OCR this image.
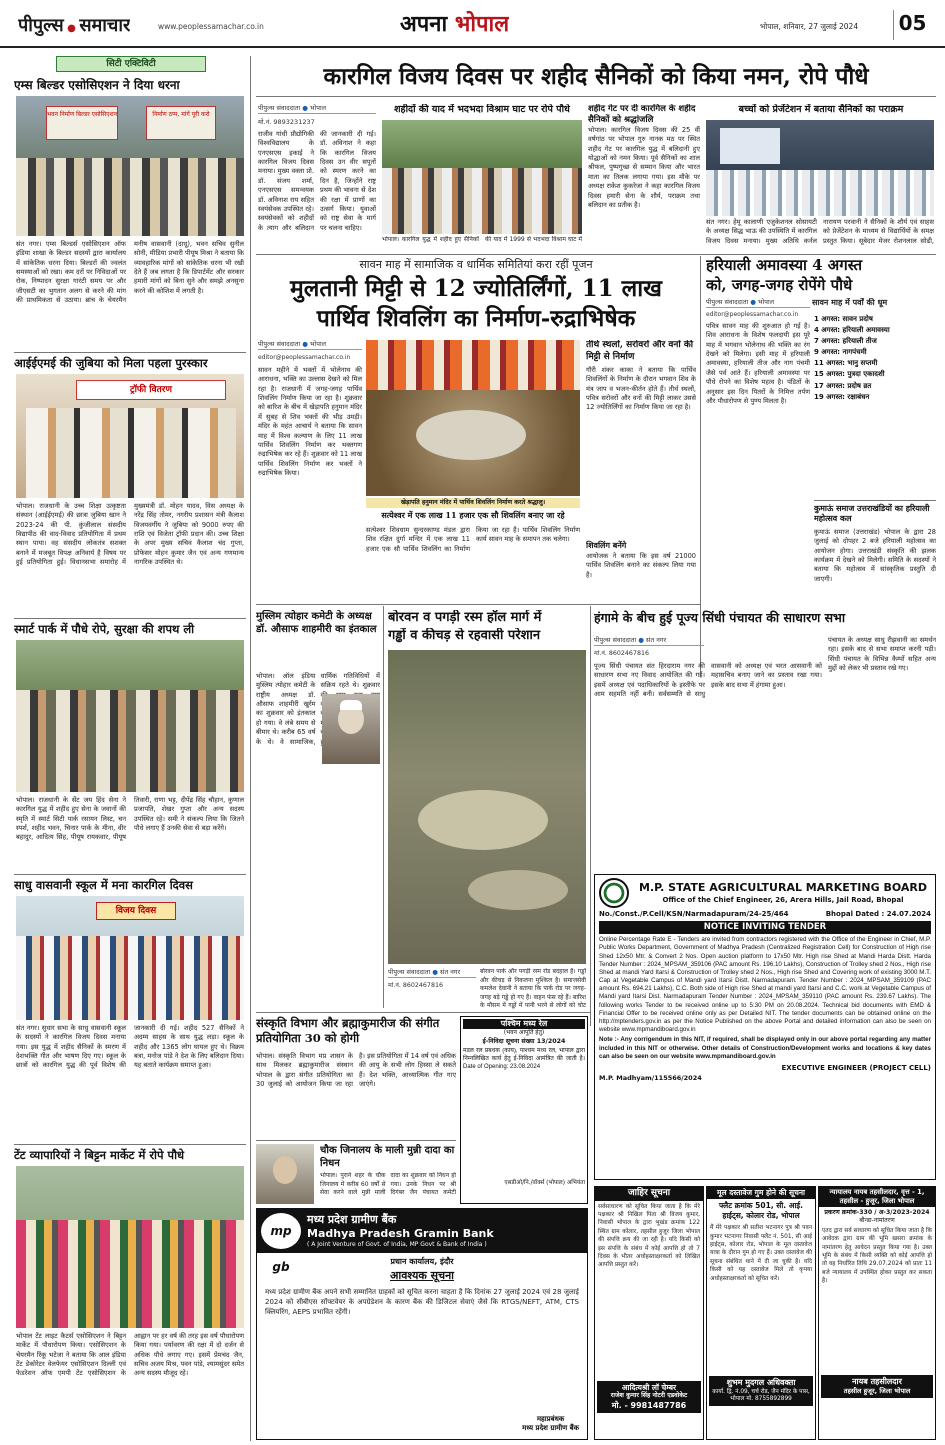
पीपुल्स ● समाचार	www.peoplessamachar.co.in	अपना भोपाल	भोपाल, शनिवार, 27 जुलाई 2024 05
सिटी एक्टिविटी
एम्स बिल्डर एसोसिएशन ने दिया धरना
भवन निर्माण बिल्डर एसोसिएशन	निर्माण ठप्प, मांगें पूरी करो
संत नगर। एम्स बिल्डर्स एसोसिएशन ऑफ इंडिया शाखा के बिल्डर सदस्यों द्वारा कार्यालय में सांकेतिक धरना दिया। बिल्डरों की ज्वलंत समस्याओं को रखा। कम दरों पर निविदाओं पर रोक, निष्पादन सुरक्षा गारंटी समय पर और जीएसटी का भुगतान अलग से करने की मांग की प्राथमिकता से उठाया। ब्रांच के चेयरमैन मनीष वासवानी (दाधू), भवन सचिव सुनील सोनी, मीडिया प्रभारी पीयूष मिश्रा ने बताया कि व्यावहारिक मांगों को सांकेतिक धरना भी रखी देते हैं जब लगता है कि डिपार्टमेंट और सरकार हमारी मांगों को बिना सुने और समझे अनसुना करने की कोशिश में लगती है।
आईईएमई की जुबिया को मिला पहला पुरस्कार
ट्रॉफी वितरण
भोपाल। राजधानी के उच्च शिक्षा उत्कृष्टता संस्थान (आईईएमई) की छात्रा जुबिया खान ने 2023-24 की पी. कुंजीलाल संसदीय विद्यापीठ की वाद-विवाद प्रतियोगिता में प्रथम स्थान पाया। वह संसदीय लोकतंत्र सशक्त बनाने में मजबूत विपक्ष अनिवार्य है विषय पर हुई प्रतियोगिता हुई। विधानसभा समारोह में मुख्यमंत्री डॉ. मोहन यादव, विस अध्यक्ष के नरेंद्र सिंह तोमर, नगरीय प्रशासन मंत्री कैलाश विजयवर्गीय ने जुबिया को 9000 रुपए की राशि एवं विजेता ट्रॉफी प्रदान की। उच्च शिक्षा के अपर मुख्य सचिव कैलाश चंद गुप्ता, प्रोफेसर मोहन कुमार जैन एवं अन्य गणमान्य नागरिक उपस्थित थे।
स्मार्ट पार्क में पौधे रोपे, सुरक्षा की शपथ ली
भोपाल। राजधानी के सेंट जय हिंद सेना ने कारगिल युद्ध में शहीद हुए सेना के जवानों की स्मृति में स्मार्ट सिटी पार्क रसायन लिस्ट, चन स्पर्श, शहीद भवन, चिनार पार्क के मीना, वीर बहादुर, आदित्य सिंह, पीयूष रायकवार, पीयूष तिवारी, राणा भट्ट, दीपेंद्र सिंह चौहान, कुणाल प्रजापति, शेखर गुप्ता और अन्य सदस्य उपस्थित रहे। समी ने संकल्प लिया कि जितने पौधे लगाए हैं उनकी सेवा से बड़ा करेंगे।
साधु वासवानी स्कूल में मना कारगिल दिवस
विजय दिवस
संत नगर। सुधार सभा के साधु वासवानी स्कूल के सदस्यों ने कारगिल विजय दिवस मनाया गया। इस युद्ध में शहीद सैनिकों के स्मरण में देशभक्ति गीत और भाषण दिए गए। स्कूल के छात्रों को कारगिल युद्ध की पूर्व विशेष की जानकारी दी गई। शहीद 527 सैनिकों ने अदम्य साहस के साथ युद्ध लड़ा। स्कूल के शहीद और 1365 लोग घायल हुए थे। विक्रम बत्रा, मनोज पांडे ने देश के लिए बलिदान दिया। यह बताते कार्यक्रम समाप्त हुआ।
टेंट व्यापारियों ने बिट्टन मार्केट में रोपे पौधे
भोपाल टेंट लाइट कैटर्स एसोसिएशन ने बिट्टन मार्केट में पौधारोपण किया। एसोसिएशन के चेयरमैन रिंकू भटेजा ने बताया कि आल इंडिया टेंट डेकोरेटर वेलफेयर एसोसिएशन दिल्ली एवं फेडरेशन ऑफ एमपी टेंट एसोसिएशन के आह्वान पर हर वर्ष की तरह इस वर्ष पौधारोपण किया गया। पर्यावरण की रक्षा में दो दर्जन से अधिक पौधे लगाए गए। इसमें प्रेमचंद जैन, सचिव अजय मिश्र, पवन पांडे, श्यामसुंदर समेत अन्य सदस्य मौजूद रहे।
कारगिल विजय दिवस पर शहीद सैनिकों को किया नमन, रोपे पौधे
पीपुल्स संवाददाता ● भोपाल
मो.नं. 9893231237
राजीव गांधी प्रौद्योगिकी विश्वविद्यालय के एनएसएस इकाई ने कारगिल विजय दिवस मनाया। मुख्य वक्ता प्रो. डॉ. संजय शर्मा, एनएसएस समन्वयक डॉ. अविनाश राय सहित स्वयंसेवक उपस्थित रहे। स्वयंसेवकों को शहीदों के त्याग और बलिदान की जानकारी दी गई। डॉ. अविनाश ने कहा कि कारगिल विजय दिवस उन वीर सपूतों को स्मरण करने का दिन है, जिन्होंने राष्ट्र प्रथम की भावना से देश की रक्षा में प्राणों का उत्सर्ग किया। युवाओं को राष्ट्र सेवा के मार्ग पर चलना चाहिए।
शहीदों की याद में भदभदा विश्राम घाट पर रोपे पौधे
भोपाल। कारगिल युद्ध में शहीद हुए सैनिकों की याद में 1999 से भदभदा विश्राम घाट में
शहीद गेट पर दी कारगिल के शहीद सैनिकों को श्रद्धांजलि
भोपाल। कारगिल विजय दिवस की 25 वीं वर्षगांठ पर भोपाल गुरु नानक मठ पर स्थित शहीद गेट पर कारगिल युद्ध में बलिदानी हुए योद्धाओं को नमन किया। पूर्व सैनिकों का शाल श्रीफल, पुष्पगुच्छ से सम्मान किया और भारत माता का तिलक लगाया गया। इस मौके पर अध्यक्ष राकेश कुकरेजा ने कहा कारगिल विजय दिवस हमारी सेना के शौर्य, पराक्रम तथा बलिदान का प्रतीक है।
बच्चों को प्रेजेंटेशन में बताया सैनिकों का पराक्रम
संत नगर। हेमू कालाणी एजुकेशनल सोसायटी के अध्यक्ष सिद्ध भाऊ की उपस्थिति में कारगिल विजय दिवस मनाया। मुख्य अतिथि कर्नल नारायण परवानी ने सैनिकों के शौर्य एवं साहस को प्रेजेंटेशन के माध्यम से विद्यार्थियों के समक्ष प्रस्तुत किया। सूबेदार मेजर रोशनलाल सोढी,
सावन माह में सामाजिक व धार्मिक समितियां करा रहीं पूजन
मुलतानी मिट्टी से 12 ज्योतिर्लिंगों, 11 लाख
पार्थिव शिवलिंग का निर्माण-रुद्राभिषेक
पीपुल्स संवाददाता ● भोपाल
editor@peoplessamachar.co.in
सावन महीने में भक्तों में भोलेनाथ की आराधना, भक्ति का उल्लास देखने को मिल रहा है। राजधानी में जगह-जगह पार्थिव शिवलिंग निर्माण किया जा रहा है। शुक्रवार को बारिश के बीच में खेड़ापति हनुमान मंदिर में सुबह से शिव भक्तों की भीड़ उमड़ी। मंदिर के महंत आचार्य ने बताया कि सावन माह में विश्व कल्याण के लिए 11 लाख पार्थिव शिवलिंग निर्माण कर भक्तगण रुद्राभिषेक कर रहे हैं। शुक्रवार को 11 लाख पार्थिव शिवलिंग निर्माण कर भक्तों ने रुद्राभिषेक किया।
खेड़ापति हनुमान मंदिर में पार्थिव शिवलिंग निर्माण करते श्रद्धालु।
सत्येश्वर में एक लाख 11 हजार एक सौ शिवलिंग बनाए जा रहे
सत्येश्वर शिवधाम सुन्दरकाण्ड मंडल द्वारा शिव रक्षित दुर्गा मन्दिर में एक लाख 11 हजार एक सौ पार्थिव शिवलिंग का निर्माण किया जा रहा है। पार्थिव शिवलिंग निर्माण कार्य सावन माह के समापन तक चलेगा।
तीर्थ स्थलों, सरोवरों और वनों की मिट्टी से निर्माण
गौरी शंकर काका ने बताया कि पार्थिव शिवलिंगों के निर्माण के दौरान भगवान शिव के मंत्र जाप व भजन-कीर्तन होते हैं। तीर्थ स्थलों, पवित्र सरोवरों और वनों की मिट्टी लाकर उससे 12 ज्योतिर्लिंगों का निर्माण किया जा रहा है।
शिवलिंग बनेंगे
आयोजक ने बताया कि इस वर्ष 21000 पार्थिव शिवलिंग बनाने का संकल्प लिया गया है।
हरियाली अमावस्या 4 अगस्त
को, जगह-जगह रोपेंगे पौधे
सावन माह में पर्वों की धूम
पीपुल्स संवाददाता ● भोपाल
editor@peoplessamachar.co.in
पवित्र सावन माह की शुरुआत हो गई है। शिव आराधना के विशेष फलदायी इस पूरे माह में भगवान भोलेनाथ की भक्ति का रंग देखने को मिलेगा। इसी माह में हरियाली अमावस्या, हरियाली तीज और नाग पंचमी जैसे पर्व आते हैं। हरियाली अमावस्या पर पौधे रोपने का विशेष महत्व है। पंडितों के अनुसार इस दिन पितरों के निमित्त तर्पण और पौधारोपण से पुण्य मिलता है।
1 अगस्त: सावन प्रदोष
4 अगस्त: हरियाली अमावस्या
7 अगस्त: हरियाली तीज
9 अगस्त: नागपंचमी
11 अगस्त: भानु सप्तमी
15 अगस्त: पुत्रदा एकादशी
17 अगस्त: प्रदोष व्रत
19 अगस्त: रक्षाबंधन
कुमाऊं समाज उत्तराखंडियों का हरियाली महोत्सव कल
कुमाऊं समाज (उत्तराखंड) भोपाल के द्वारा 28 जुलाई को दोपहर 2 बजे हरियाली महोत्सव का आयोजन होगा। उत्तराखंडी संस्कृति की झलक कार्यक्रम में देखने को मिलेगी। समिति के सदस्यों ने बताया कि महोत्सव में सांस्कृतिक प्रस्तुति दी जाएगी।
मुस्लिम त्योहार कमेटी के अध्यक्ष डॉ. औसाफ शाहमीरी का इंतकाल
भोपाल। ऑल इंडिया मुस्लिम त्योहार कमेटी के राष्ट्रीय अध्यक्ष डॉ. औसाफ शाहमीरी खुर्रम का शुक्रवार को इंतकाल हो गया। वे लंबे समय से बीमार थे। करीब 65 वर्ष के थे। वे सामाजिक, धार्मिक गतिविधियों में सक्रिय रहते थे। शुक्रवार
बोरवन व पगड़ी रस्म हॉल मार्ग में
गड्ढों व कीचड़ से रहवासी परेशान
पीपुल्स संवाददाता ● संत नगर
मो.नं. 8602467816
बोरवन पार्क और पगड़ी रस्म रोड बदहाल है। गड्ढों और कीचड़ से निकलना मुश्किल है। समाजसेवी कमलेश देवानी ने बताया कि पार्क रोड पर जगह-जगह बड़े गड्ढे हो गए हैं। वाहन फंस रहे हैं। बारिश के मौसम में गड्ढों में पानी भरने से लोगों को चोट
हंगामे के बीच हुई पूज्य सिंधी पंचायत की साधारण सभा
पीपुल्स संवाददाता ● संत नगर
मो.नं. 8602467816
पूज्य सिंधी पंचायत संत हिरदाराम नगर की साधारण सभा नए विवाद आयोजित की गई। इसमें अध्यक्ष एवं पदाधिकारियों के इस्तीफे पर आम सहमति नहीं बनी। सर्वसम्मति से साधु वासवानी को अध्यक्ष एवं भरत आसवानी को महासचिव बनाए जाने का प्रस्ताव रखा गया। इसके बाद सभा में हंगामा हुआ।
पंचायत के अध्यक्ष साधु रीझवानी का समर्थन रहा। इसके बाद से सभा समाप्त करनी पड़ी। सिंधी पंचायत के विभिन्न कैम्पों सहित अन्य मुद्दों को लेकर भी प्रस्ताव रखे गए।
M.P. STATE AGRICULTURAL MARKETING BOARD
Office of the Chief Engineer, 26, Arera Hills, Jail Road, Bhopal
No./Const./P.Cell/KSN/Narmadapuram/24-25/464	Bhopal Dated : 24.07.2024
NOTICE INVITING TENDER
Online Percentage Rate E - Tenders are invited from contractors registered with the Office of the Engineer in Chief, M.P. Public Works Department, Government of Madhya Pradesh (Centralized Registration Cell) for Construction of High rise Shed 12x50 Mtr. & Convert 2 Nos. Open auction platform to 17x50 Mtr. High rise Shed at Mandi Harda Distt. Harda Tender Number : 2024_MPSAM_359106 (PAC amount Rs. 196.10 Lakhs), Construction of Trolley shed 2 Nos., High rise Shed at mandi Yard Itarsi & Construction of Trolley shed 2 Nos., High rise Shed and Covering work of existing 3000 M.T. Cap at Vegetable Campus of Mandi yard Itarsi Distt. Narmadapuram. Tender Number : 2024_MPSAM_359109 (PAC amount Rs. 694.21 Lakhs), C.C. Both side of High rise Shed at mandi yard Itarsi and C.C. work at Vegetable Campus of Mandi yard Itarsi Dist. Narmadapuram Tender Number : 2024_MPSAM_359110 (PAC amount Rs. 239.67 Lakhs). The following works Tender to be received online up to 5:30 PM on 20.08.2024. Technical bid documents with EMD & Financial Offer to be received online only as per Detailed NIT. The tender documents can be obtained online on the http://mptenders.gov.in as per the Notice Published on the above Portal and detailed information can also be seen on website www.mpmandiboard.gov.in
Note :- Any corrigendum in this NIT, if required, shall be displayed only in our above portal regarding any matter included in this NIT or otherwise. Other details of Construction/Development works and locations & key dates can also be seen on our website www.mpmandiboard.gov.in
EXECUTIVE ENGINEER (PROJECT CELL)
M.P. Madhyam/115566/2024
संस्कृति विभाग और ब्रह्माकुमारीज की संगीत प्रतियोगिता 30 को होगी
भोपाल। संस्कृति विभाग मप्र शासन के साथ मिलकर ब्रह्माकुमारीज संस्थान भोपाल के द्वारा संगीत प्रतियोगिता का 30 जुलाई को आयोजन किया जा रहा है। इस प्रतियोगिता में 14 वर्ष एवं अधिक की आयु के सभी लोग हिस्सा ले सकते हैं। देश भक्ति, आध्यात्मिक गीत गाए जाएंगे।
चौक जिनालय के माली मुन्नी दादा का निधन
भोपाल। पुराने शहर के चौक जिनालय में करीब 60 वर्षों से सेवा करने वाले मुन्नी माली दादा का शुक्रवार को निधन हो गया। उनके निधन पर श्री दिगंबर जैन पंचायत कमेटी
पश्चिम मध्य रेल
(भवन आपूर्ति हेतु)
ई-निविदा सूचना संख्या 13/2024
मंडल रेल प्रबंधक (कार्य), पश्चिम मध्य रेल, भोपाल द्वारा निम्नलिखित कार्य हेतु ई-निविदा आमंत्रित की जाती है। Date of Opening: 23.08.2024
एसडीओ/नि./वॉर्क्स (भोपाल) अभियंता
mp gb
मध्य प्रदेश ग्रामीण बैंक
Madhya Pradesh Gramin Bank
( A Joint Venture of Govt. of India, MP Govt & Bank of India )
प्रधान कार्यालय, इंदौर
आवश्यक सूचना
मध्य प्रदेश ग्रामीण बैंक अपने सभी सम्मानित ग्राहकों को सूचित करना चाहता है कि दिनांक 27 जुलाई 2024 एवं 28 जुलाई 2024 को सीबीएस सॉफ्टवेयर के अपग्रेडेशन के कारण बैंक की डिजिटल सेवाएं जैसे कि RTGS/NEFT, ATM, CTS क्लियरिंग, AEPS प्रभावित रहेंगी।
महाप्रबंधक
मध्य प्रदेश ग्रामीण बैंक
जाहिर सूचना
सर्वसाधारण को सूचित किया जाता है कि मेरे पक्षकार श्री निखिल पिता श्री विजय कुमार, निवासी भोपाल के द्वारा भूखंड क्रमांक 122 स्थित ग्राम कोलार, तहसील हुजूर जिला भोपाल की संपत्ति क्रय की जा रही है। यदि किसी को इस संपत्ति के संबंध में कोई आपत्ति हो तो 7 दिवस के भीतर अधोहस्ताक्षरकर्ता को लिखित आपत्ति प्रस्तुत करें।
आदित्यश्री लॉ चेम्बर
राजेश कुमार सिंह नोटरी एडवोकेट
मो. - 9981487786
मूल दस्तावेज गुम होने की सूचना
फ्लैट क्रमांक 501, सी. आई. हाईट्स, कोलार रोड, भोपाल
मैं मेरे पक्षकार श्री सतीश भटनागर पुत्र श्री पवन कुमार भटनागर निवासी फ्लैट नं. 501, सी आई हाईट्स, कोलार रोड, भोपाल के मूल दस्तावेज यात्रा के दौरान गुम हो गए हैं। उक्त दस्तावेज की सूचना संबंधित थाने में दी जा चुकी है। यदि किसी को यह दस्तावेज मिले तो कृपया अधोहस्ताक्षरकर्ता को सूचित करें।
शुभम मुदगल अधिवक्ता
कार्या. द्वि. नं.09, चर्च रोड, जैन मंदिर के पास, भोपाल मो. 8755892899
न्यायालय नायब तहसीलदार, वृत्त - 1,
तहसील - हुजूर, जिला भोपाल
प्रकरण क्रमांक-330 / अ-3/2023-2024
बौन्डा-नामांतरण
एतद द्वारा सर्व साधारण को सूचित किया जाता है कि आवेदक द्वारा ग्राम की भूमि खसरा क्रमांक के नामांतरण हेतु आवेदन प्रस्तुत किया गया है। उक्त भूमि के संबंध में किसी व्यक्ति को कोई आपत्ति हो तो वह निर्धारित तिथि 29.07.2024 को प्रातः 11 बजे न्यायालय में उपस्थित होकर प्रस्तुत कर सकता है।
नायब तहसीलदार
तहसील हुजूर, जिला भोपाल
